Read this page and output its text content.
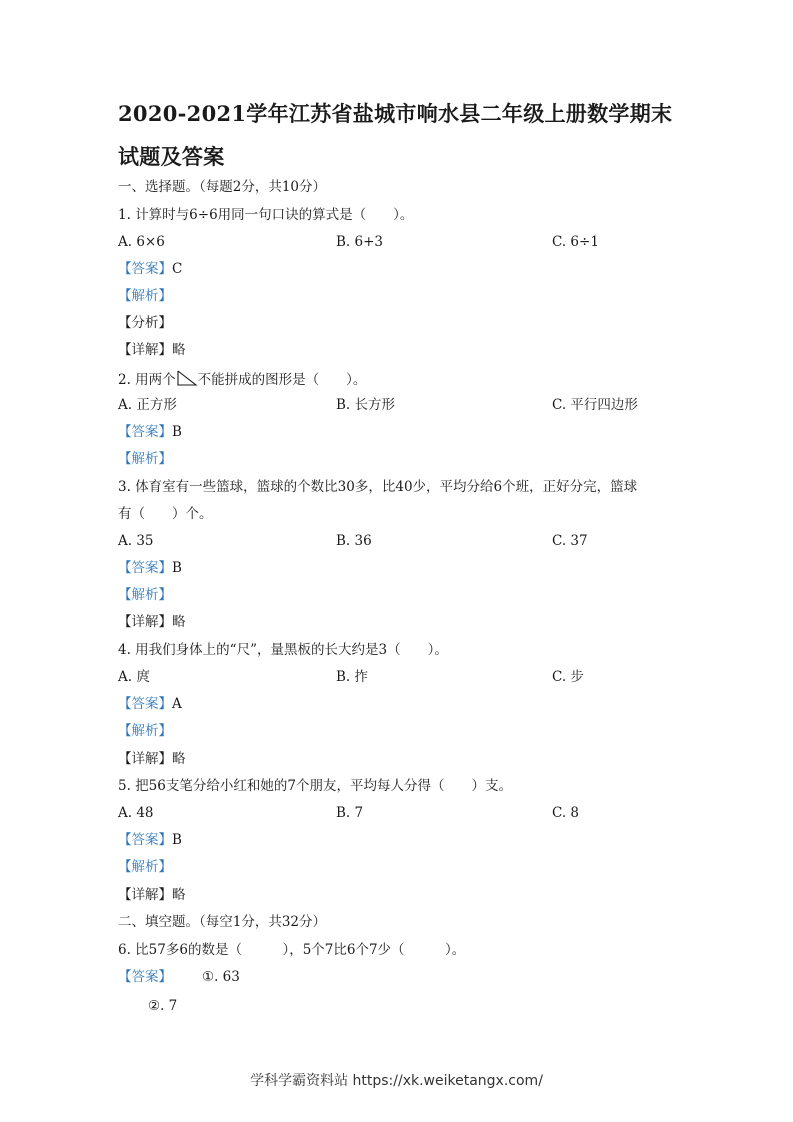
2020-2021学年江苏省盐城市响水县二年级上册数学期末试题及答案
一、选择题。（每题2分，共10分）
1. 计算时与6÷6用同一句口诀的算式是（　　）。
A. 6×6	B. 6+3	C. 6÷1
【答案】C
【解析】
【分析】
【详解】略
2. 用两个 不能拼成的图形是（　　）。
A. 正方形	B. 长方形	C. 平行四边形
【答案】B
【解析】
3. 体育室有一些篮球，篮球的个数比30多，比40少，平均分给6个班，正好分完，篮球
有（　　）个。
A. 35	B. 36	C. 37
【答案】B
【解析】
【详解】略
4. 用我们身体上的“尺”，量黑板的长大约是3（　　）。
A. 庹	B. 拃	C. 步
【答案】A
【解析】
【详解】略
5. 把56支笔分给小红和她的7个朋友，平均每人分得（　　）支。
A. 48	B. 7	C. 8
【答案】B
【解析】
【详解】略
二、填空题。（每空1分，共32分）
6. 比57多6的数是（　　　），5个7比6个7少（　　　）。
【答案】 ①. 63
②. 7
学科学霸资料站 https://xk.weiketangx.com/
